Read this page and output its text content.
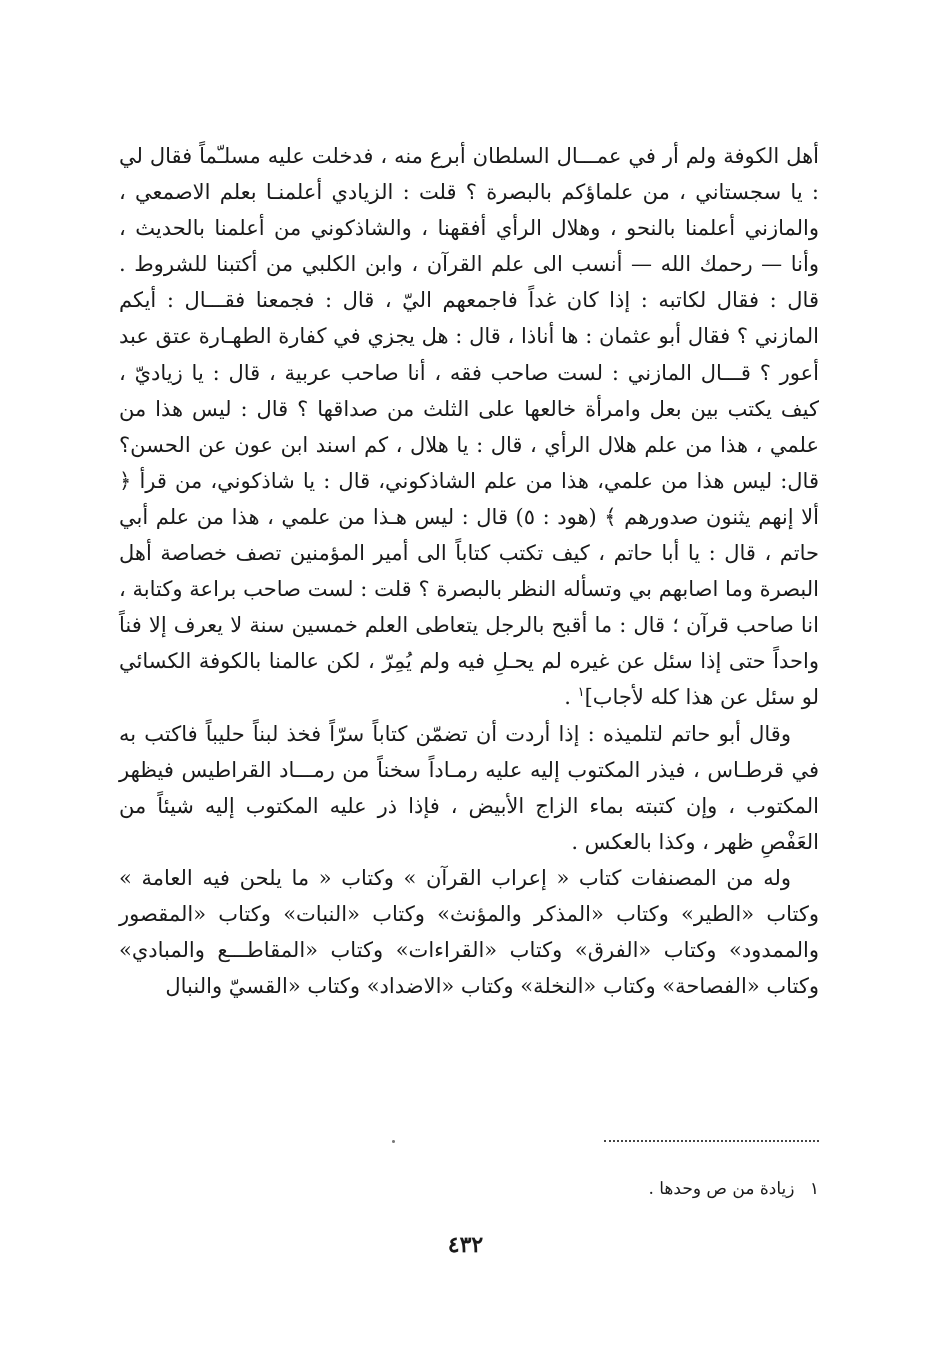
أهل الكوفة ولم أر في عمـــال السلطان أبرع منه ، فدخلت عليه مسلـّماً فقال لي : يا سجستاني ، من علماؤكم بالبصرة ؟ قلت : الزيادي أعلمنـا بعلم الاصمعي ، والمازني أعلمنا بالنحو ، وهلال الرأي أفقهنا ، والشاذكوني من أعلمنا بالحديث ، وأنا — رحمك الله — أنسب الى علم القرآن ، وابن الكلبي من أكتبنا للشروط . قال : فقال لكاتبه : إذا كان غداً فاجمعهم اليّ ، قال : فجمعنا فقـــال : أيكم المازني ؟ فقال أبو عثمان : ها أناذا ، قال : هل يجزي في كفارة الطهـارة عتق عبد أعور ؟ قـــال المازني : لست صاحب فقه ، أنا صاحب عربية ، قال : يا زياديّ ، كيف يكتب بين بعل وامرأة خالعها على الثلث من صداقها ؟ قال : ليس هذا من علمي ، هذا من علم هلال الرأي ، قال : يا هلال ، كم اسند ابن عون عن الحسن؟ قال: ليس هذا من علمي، هذا من علم الشاذكوني، قال : يا شاذكوني، من قرأ ﴿ ألا إنهم يثنون صدورهم ﴾ (هود : ٥) قال : ليس هـذا من علمي ، هذا من علم أبي حاتم ، قال : يا أبا حاتم ، كيف تكتب كتاباً الى أمير المؤمنين تصف خصاصة أهل البصرة وما اصابهم بي وتسأله النظر بالبصرة ؟ قلت : لست صاحب براعة وكتابة ، انا صاحب قرآن ؛ قال : ما أقبح بالرجل يتعاطى العلم خمسين سنة لا يعرف إلا فناً واحداً حتى إذا سئل عن غيره لم يحـلِ فيه ولم يُمِرّ ، لكن عالمنا بالكوفة الكسائي لو سئل عن هذا كله لأجاب]$^١$ .

وقال أبو حاتم لتلميذه : إذا أردت أن تضمّن كتاباً سرّاً فخذ لبناً حليباً فاكتب به في قرطـاس ، فيذر المكتوب إليه عليه رمـاداً سخناً من رمـــاد القراطيس فيظهر المكتوب ، وإن كتبته بماء الزاج الأبيض ، فإذا ذر عليه المكتوب إليه شيئاً من العَفْصِ ظهر ، وكذا بالعكس .

وله من المصنفات كتاب « إعراب القرآن » وكتاب « ما يلحن فيه العامة » وكتاب «الطير» وكتاب «المذكر والمؤنث» وكتاب «النبات» وكتاب «المقصور والممدود» وكتاب «الفرق» وكتاب «القراءات» وكتاب «المقاطـــع والمبادي» وكتاب «الفصاحة» وكتاب «النخلة» وكتاب «الاضداد» وكتاب «القسيّ والنبال

١ زيادة من ص وحدها .
٤٣٢
